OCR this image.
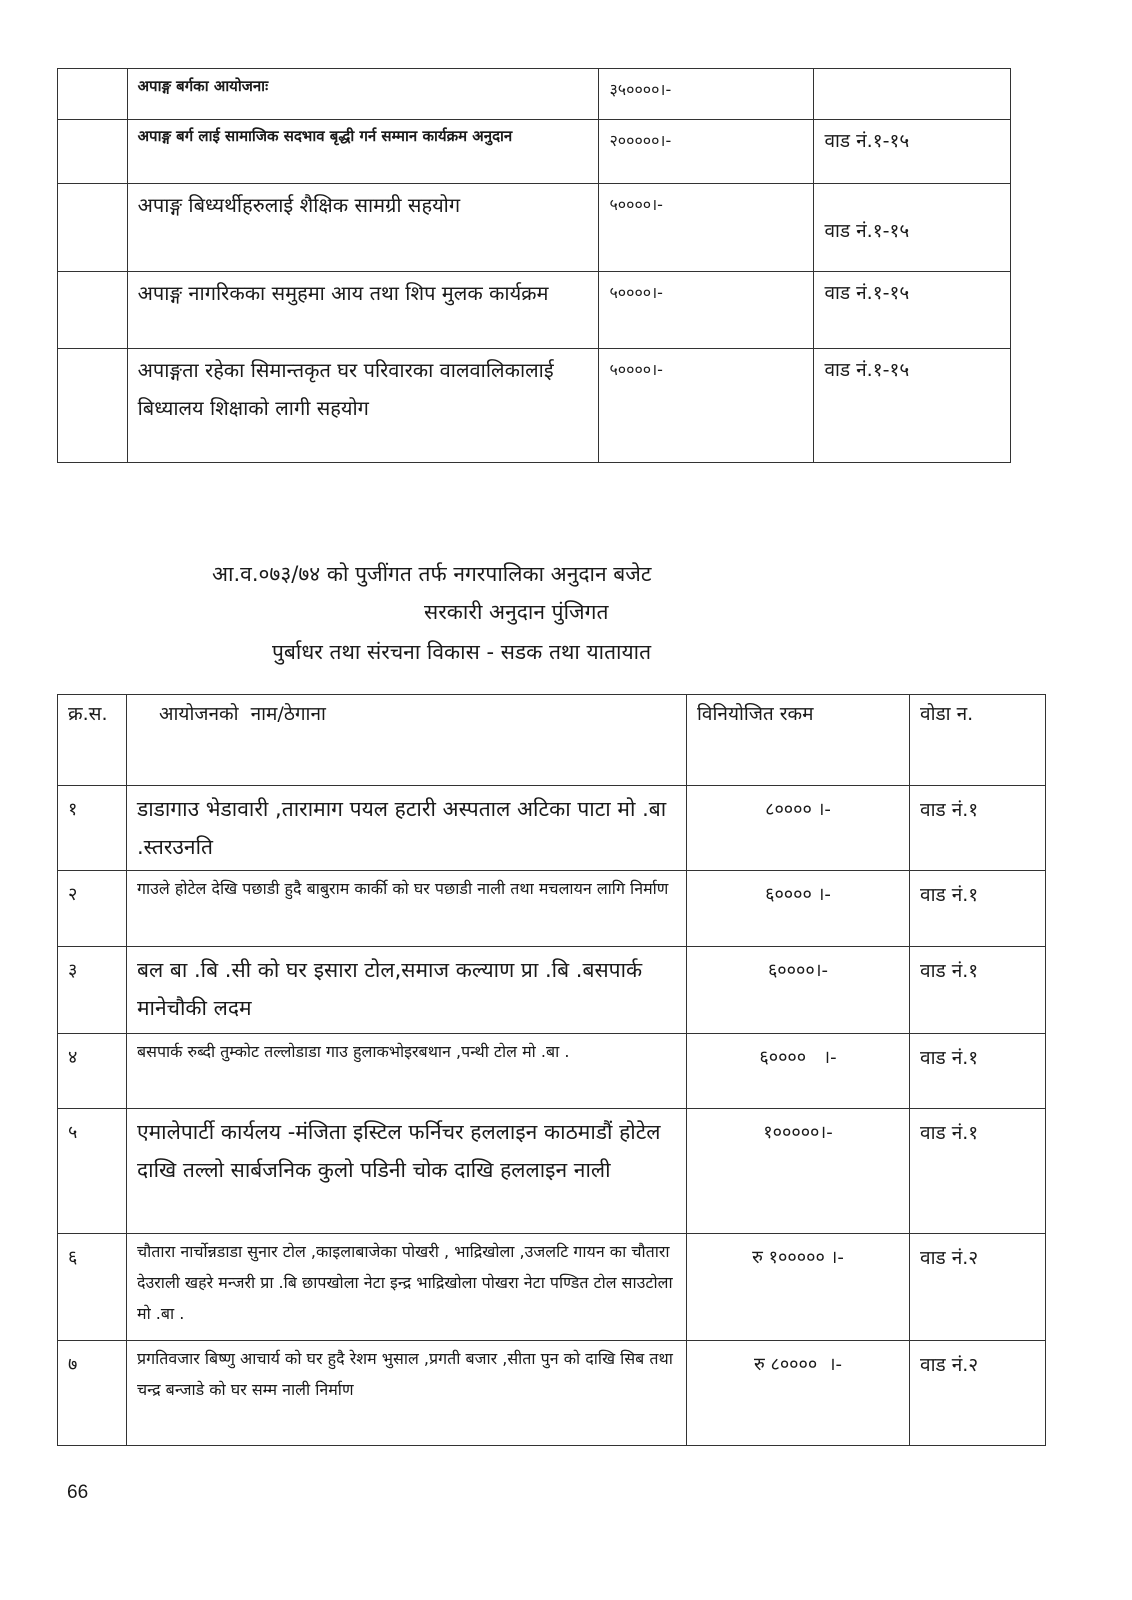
	अपाङ्ग बर्गका आयोजनाः	३५००००।-	

	अपाङ्ग बर्ग लाई सामाजिक सदभाव बृद्धी गर्न सम्मान कार्यक्रम अनुदान	२०००००।-	वाड नं.१-१५

	अपाङ्ग बिध्यर्थीहरुलाई शैक्षिक सामग्री सहयोग	५००००।-	वाड नं.१-१५

	अपाङ्ग नागरिकका समुहमा आय तथा शिप मुलक कार्यक्रम	५००००।-	वाड नं.१-१५

	अपाङ्गता रहेका सिमान्तकृत घर परिवारका वालवालिकालाई बिध्यालय शिक्षाको लागी सहयोग	५००००।-	वाड नं.१-१५
आ.व.०७३/७४ को पुजींगत तर्फ नगरपालिका अनुदान बजेट
सरकारी अनुदान पुंजिगत
पुर्बाधर तथा संरचना विकास - सडक तथा यातायात
क्र.स.	आयोजनको  नाम/ठेगाना	विनियोजित रकम	वोडा न.

१	डाडागाउ भेडावारी ,तारामाग पयल हटारी अस्पताल अटिका पाटा मो .बा .स्तरउनति	८०००० ।-	वाड नं.१

२	गाउले होटेल देखि पछाडी हुदै बाबुराम कार्की को घर पछाडी नाली तथा मचलायन लागि निर्माण	६०००० ।-	वाड नं.१

३	बल बा .बि .सी को घर इसारा टोल,समाज कल्याण प्रा .बि .बसपार्क मानेचौकी लदम	६००००।-	वाड नं.१

४	बसपार्क रुब्दी तुम्कोट तल्लोडाडा गाउ हुलाकभोइरबथान ,पन्थी टोल मो .बा .	६००००   ।-	वाड नं.१

५	एमालेपार्टी कार्यलय -मंजिता इस्टिल फर्निचर हललाइन काठमाडौं होटेल दाखि तल्लो सार्बजनिक कुलो पडिनी चोक दाखि हललाइन नाली	१०००००।-	वाड नं.१

६	चौतारा नार्चोन्नडाडा सुनार टोल ,काइलाबाजेका पोखरी , भाद्रिखोला ,उजलटि गायन का चौतारा देउराली खहरे मन्जरी प्रा .बि छापखोला नेटा इन्द्र भाद्रिखोला पोखरा नेटा पण्डित टोल साउटोला मो .बा .	रु १००००० ।-	वाड नं.२

७	प्रगतिवजार बिष्णु आचार्य को घर हुदै रेशम भुसाल ,प्रगती बजार ,सीता पुन को दाखि सिब तथा चन्द्र बन्जाडे को घर सम्म नाली निर्माण	रु ८००००  ।-	वाड नं.२
66
